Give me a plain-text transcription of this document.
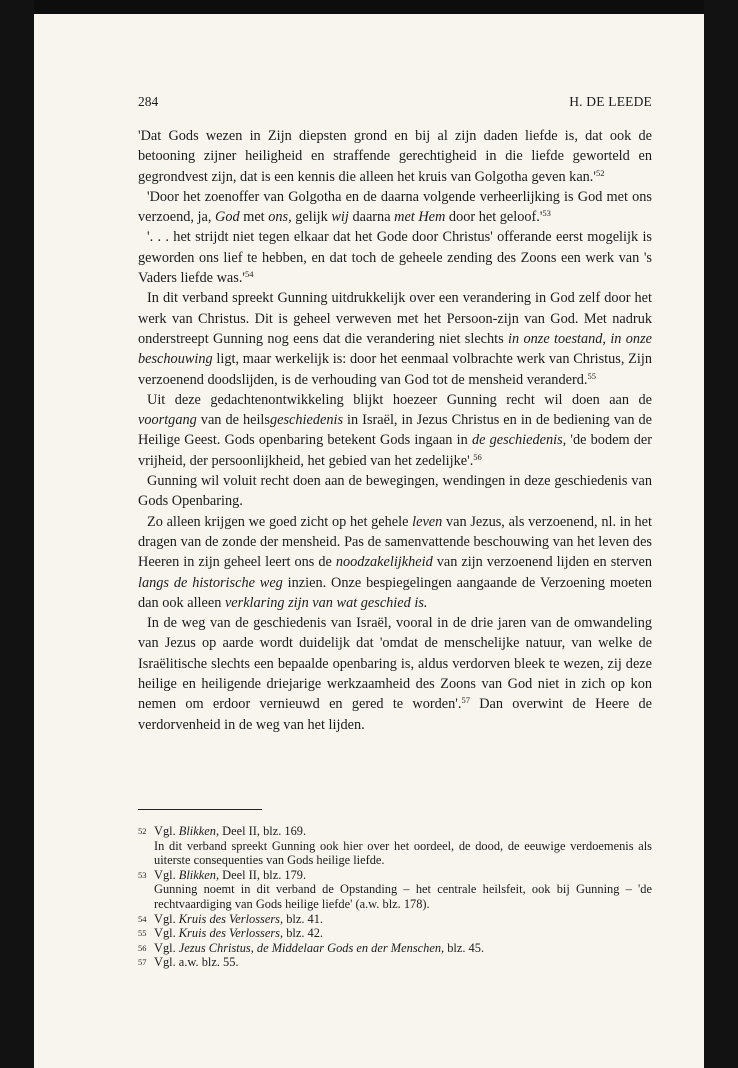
284	H. DE LEEDE

'Dat Gods wezen in Zijn diepsten grond en bij al zijn daden liefde is, dat ook de betooning zijner heiligheid en straffende gerechtigheid in die liefde geworteld en gegrondvest zijn, dat is een kennis die alleen het kruis van Golgotha geven kan.'$^{52}$

'Door het zoenoffer van Golgotha en de daarna volgende verheerlijking is God met ons verzoend, ja, God met ons, gelijk wij daarna met Hem door het geloof.'$^{53}$

'. . . het strijdt niet tegen elkaar dat het Gode door Christus' offerande eerst mogelijk is geworden ons lief te hebben, en dat toch de geheele zending des Zoons een werk van 's Vaders liefde was.'$^{54}$

In dit verband spreekt Gunning uitdrukkelijk over een verandering in God zelf door het werk van Christus. Dit is geheel verweven met het Persoon-zijn van God. Met nadruk onderstreept Gunning nog eens dat die verandering niet slechts in onze toestand, in onze beschouwing ligt, maar werkelijk is: door het eenmaal volbrachte werk van Christus, Zijn verzoenend doodslijden, is de verhouding van God tot de mensheid veranderd.$^{55}$

Uit deze gedachtenontwikkeling blijkt hoezeer Gunning recht wil doen aan de voortgang van de heilsgeschiedenis in Israël, in Jezus Christus en in de bediening van de Heilige Geest. Gods openbaring betekent Gods ingaan in de geschiedenis, 'de bodem der vrijheid, der persoonlijkheid, het gebied van het zedelijke'.$^{56}$

Gunning wil voluit recht doen aan de bewegingen, wendingen in deze geschiedenis van Gods Openbaring.

Zo alleen krijgen we goed zicht op het gehele leven van Jezus, als verzoenend, nl. in het dragen van de zonde der mensheid. Pas de samenvattende beschouwing van het leven des Heeren in zijn geheel leert ons de noodzakelijkheid van zijn verzoenend lijden en sterven langs de historische weg inzien. Onze bespiegelingen aangaande de Verzoening moeten dan ook alleen verklaring zijn van wat geschied is.

In de weg van de geschiedenis van Israël, vooral in de drie jaren van de omwandeling van Jezus op aarde wordt duidelijk dat 'omdat de menschelijke natuur, van welke de Israëlitische slechts een bepaalde openbaring is, aldus verdorven bleek te wezen, zij deze heilige en heiligende driejarige werkzaamheid des Zoons van God niet in zich op kon nemen om erdoor vernieuwd en gered te worden'.$^{57}$ Dan overwint de Heere de verdorvenheid in de weg van het lijden.

52 Vgl. Blikken, Deel II, blz. 169.
In dit verband spreekt Gunning ook hier over het oordeel, de dood, de eeuwige verdoemenis als uiterste consequenties van Gods heilige liefde.
53 Vgl. Blikken, Deel II, blz. 179.
Gunning noemt in dit verband de Opstanding – het centrale heilsfeit, ook bij Gunning – 'de rechtvaardiging van Gods heilige liefde' (a.w. blz. 178).
54 Vgl. Kruis des Verlossers, blz. 41.
55 Vgl. Kruis des Verlossers, blz. 42.
56 Vgl. Jezus Christus, de Middelaar Gods en der Menschen, blz. 45.
57 Vgl. a.w. blz. 55.
